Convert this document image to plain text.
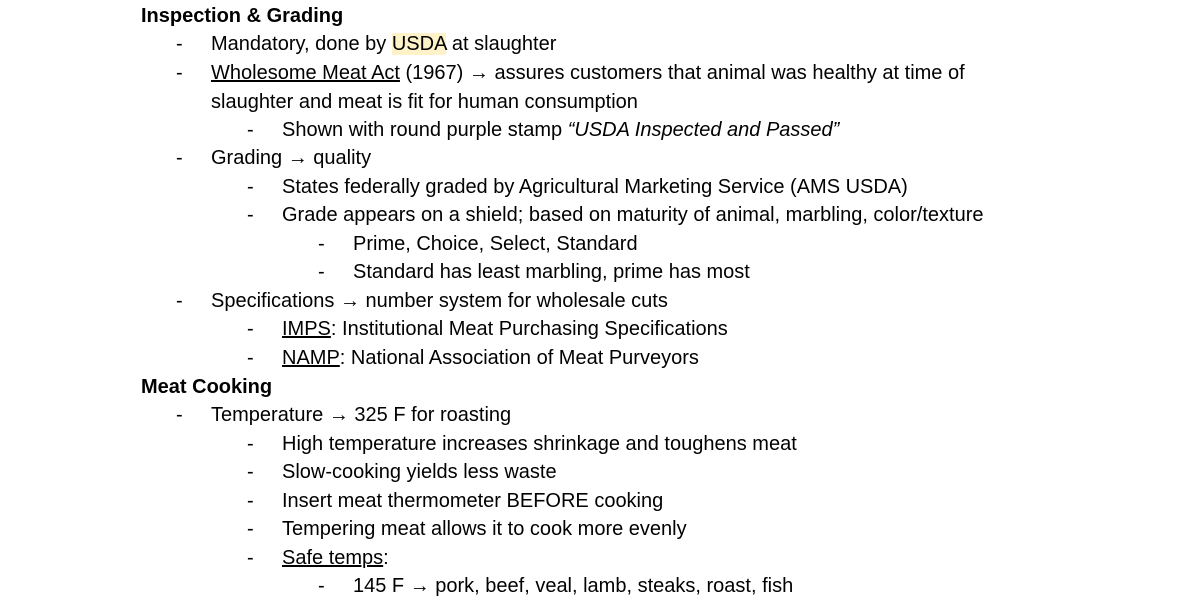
Inspection & Grading
- Mandatory, done by USDA at slaughter
- Wholesome Meat Act (1967) → assures customers that animal was healthy at time of slaughter and meat is fit for human consumption
- Shown with round purple stamp “USDA Inspected and Passed”
- Grading → quality
- States federally graded by Agricultural Marketing Service (AMS USDA)
- Grade appears on a shield; based on maturity of animal, marbling, color/texture
- Prime, Choice, Select, Standard
- Standard has least marbling, prime has most
- Specifications → number system for wholesale cuts
- IMPS: Institutional Meat Purchasing Specifications
- NAMP: National Association of Meat Purveyors
Meat Cooking
- Temperature → 325 F for roasting
- High temperature increases shrinkage and toughens meat
- Slow-cooking yields less waste
- Insert meat thermometer BEFORE cooking
- Tempering meat allows it to cook more evenly
- Safe temps:
- 145 F → pork, beef, veal, lamb, steaks, roast, fish
